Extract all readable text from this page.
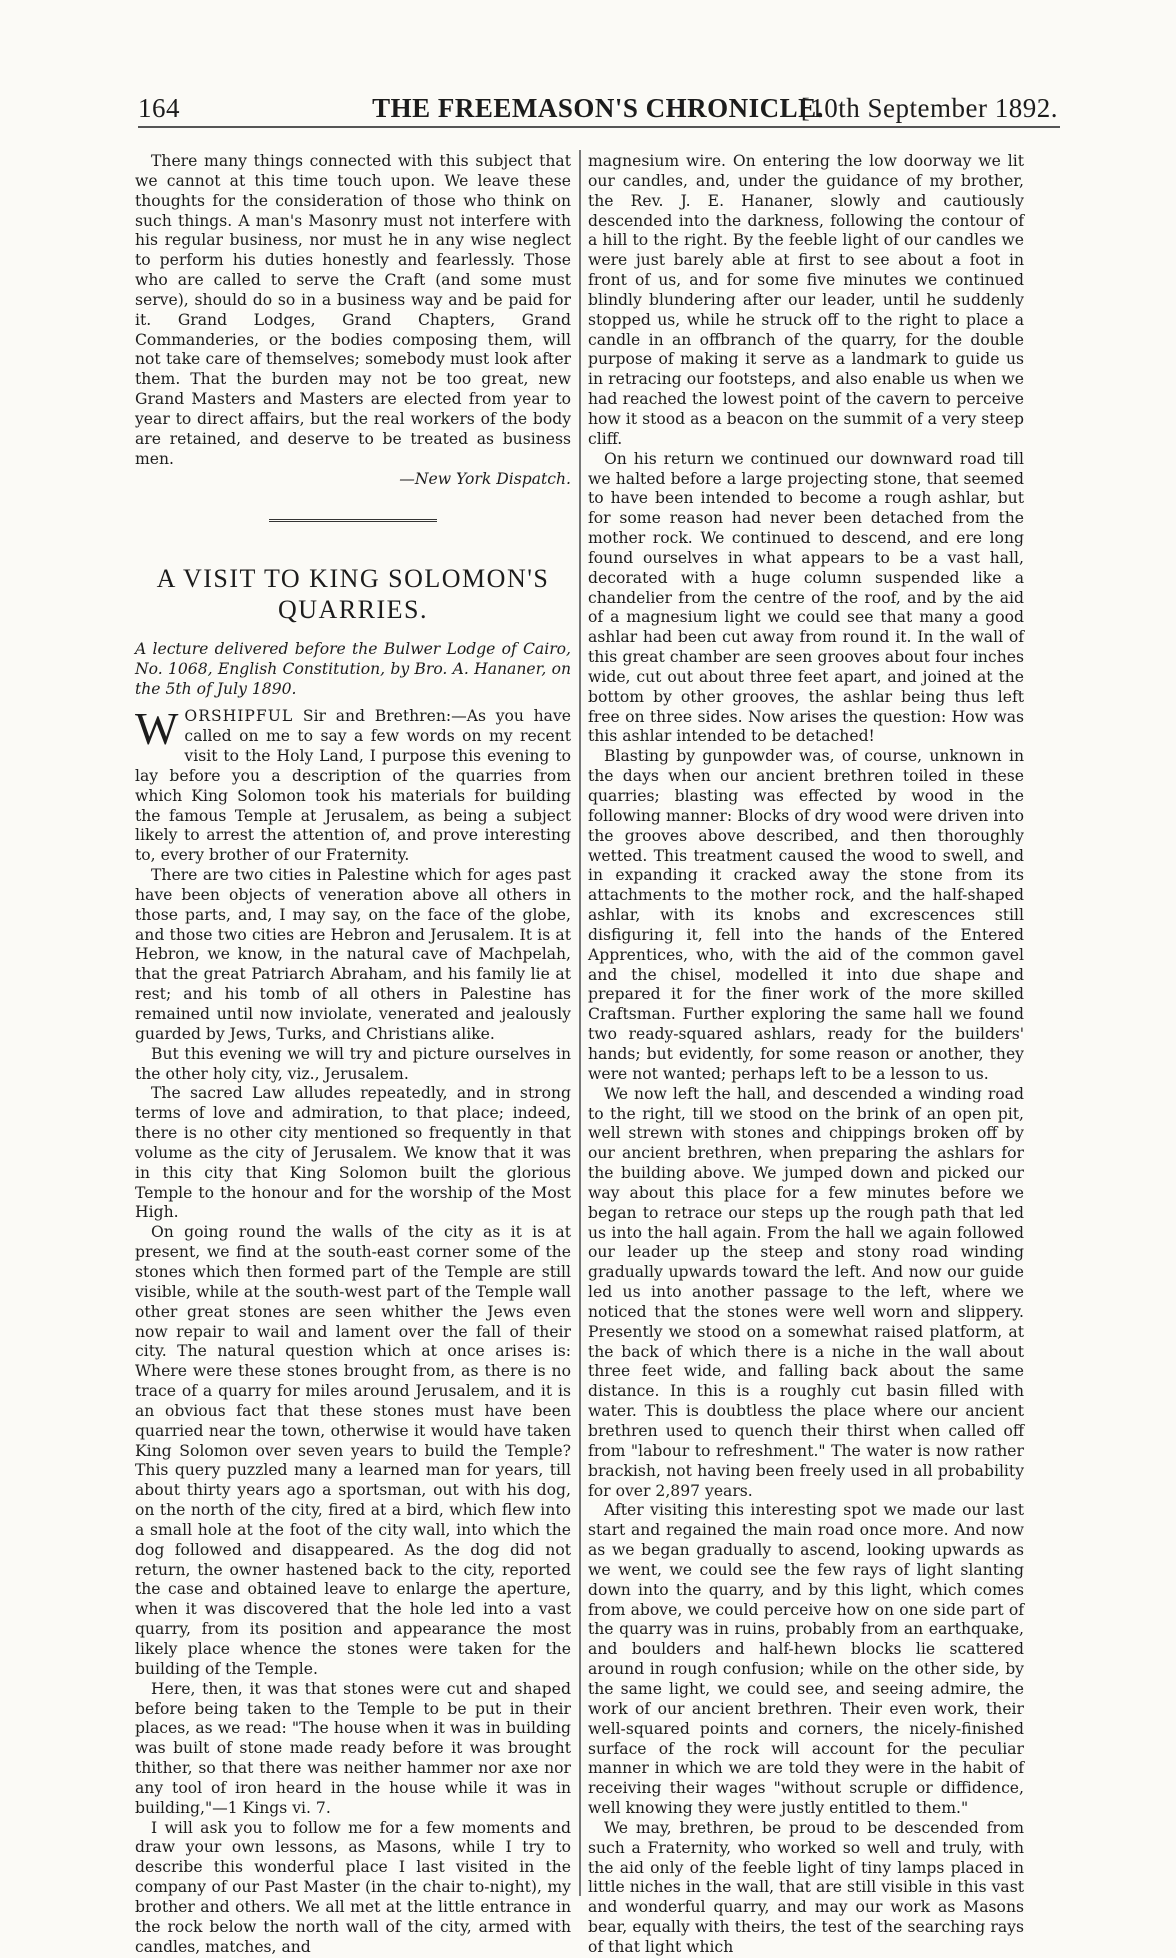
164	THE FREEMASON'S CHRONICLE.
[10th September 1892.

There many things connected with this subject that we cannot at this time touch upon. We leave these thoughts for the consideration of those who think on such things. A man's Masonry must not interfere with his regular business, nor must he in any wise neglect to perform his duties honestly and fearlessly. Those who are called to serve the Craft (and some must serve), should do so in a business way and be paid for it. Grand Lodges, Grand Chapters, Grand Commanderies, or the bodies composing them, will not take care of themselves; somebody must look after them. That the burden may not be too great, new Grand Masters and Masters are elected from year to year to direct affairs, but the real workers of the body are retained, and deserve to be treated as business men.

—New York Dispatch.

A VISIT TO KING SOLOMON'S QUARRIES.

A lecture delivered before the Bulwer Lodge of Cairo, No. 1068, English Constitution, by Bro. A. Hananer, on the 5th of July 1890.

WORSHIPFUL Sir and Brethren:—As you have called on me to say a few words on my recent visit to the Holy Land, I purpose this evening to lay before you a description of the quarries from which King Solomon took his materials for building the famous Temple at Jerusalem, as being a subject likely to arrest the attention of, and prove interesting to, every brother of our Fraternity.

There are two cities in Palestine which for ages past have been objects of veneration above all others in those parts, and, I may say, on the face of the globe, and those two cities are Hebron and Jerusalem. It is at Hebron, we know, in the natural cave of Machpelah, that the great Patriarch Abraham, and his family lie at rest; and his tomb of all others in Palestine has remained until now inviolate, venerated and jealously guarded by Jews, Turks, and Christians alike.

But this evening we will try and picture ourselves in the other holy city, viz., Jerusalem.

The sacred Law alludes repeatedly, and in strong terms of love and admiration, to that place; indeed, there is no other city mentioned so frequently in that volume as the city of Jerusalem. We know that it was in this city that King Solomon built the glorious Temple to the honour and for the worship of the Most High.

On going round the walls of the city as it is at present, we find at the south-east corner some of the stones which then formed part of the Temple are still visible, while at the south-west part of the Temple wall other great stones are seen whither the Jews even now repair to wail and lament over the fall of their city. The natural question which at once arises is: Where were these stones brought from, as there is no trace of a quarry for miles around Jerusalem, and it is an obvious fact that these stones must have been quarried near the town, otherwise it would have taken King Solomon over seven years to build the Temple? This query puzzled many a learned man for years, till about thirty years ago a sportsman, out with his dog, on the north of the city, fired at a bird, which flew into a small hole at the foot of the city wall, into which the dog followed and disappeared. As the dog did not return, the owner hastened back to the city, reported the case and obtained leave to enlarge the aperture, when it was discovered that the hole led into a vast quarry, from its position and appearance the most likely place whence the stones were taken for the building of the Temple.

Here, then, it was that stones were cut and shaped before being taken to the Temple to be put in their places, as we read: "The house when it was in building was built of stone made ready before it was brought thither, so that there was neither hammer nor axe nor any tool of iron heard in the house while it was in building,"—1 Kings vi. 7.

I will ask you to follow me for a few moments and draw your own lessons, as Masons, while I try to describe this wonderful place I last visited in the company of our Past Master (in the chair to-night), my brother and others. We all met at the little entrance in the rock below the north wall of the city, armed with candles, matches, and

magnesium wire. On entering the low doorway we lit our candles, and, under the guidance of my brother, the Rev. J. E. Hananer, slowly and cautiously descended into the darkness, following the contour of a hill to the right. By the feeble light of our candles we were just barely able at first to see about a foot in front of us, and for some five minutes we continued blindly blundering after our leader, until he suddenly stopped us, while he struck off to the right to place a candle in an offbranch of the quarry, for the double purpose of making it serve as a landmark to guide us in retracing our footsteps, and also enable us when we had reached the lowest point of the cavern to perceive how it stood as a beacon on the summit of a very steep cliff.

On his return we continued our downward road till we halted before a large projecting stone, that seemed to have been intended to become a rough ashlar, but for some reason had never been detached from the mother rock. We continued to descend, and ere long found ourselves in what appears to be a vast hall, decorated with a huge column suspended like a chandelier from the centre of the roof, and by the aid of a magnesium light we could see that many a good ashlar had been cut away from round it. In the wall of this great chamber are seen grooves about four inches wide, cut out about three feet apart, and joined at the bottom by other grooves, the ashlar being thus left free on three sides. Now arises the question: How was this ashlar intended to be detached!

Blasting by gunpowder was, of course, unknown in the days when our ancient brethren toiled in these quarries; blasting was effected by wood in the following manner: Blocks of dry wood were driven into the grooves above described, and then thoroughly wetted. This treatment caused the wood to swell, and in expanding it cracked away the stone from its attachments to the mother rock, and the half-shaped ashlar, with its knobs and excrescences still disfiguring it, fell into the hands of the Entered Apprentices, who, with the aid of the common gavel and the chisel, modelled it into due shape and prepared it for the finer work of the more skilled Craftsman. Further exploring the same hall we found two ready-squared ashlars, ready for the builders' hands; but evidently, for some reason or another, they were not wanted; perhaps left to be a lesson to us.

We now left the hall, and descended a winding road to the right, till we stood on the brink of an open pit, well strewn with stones and chippings broken off by our ancient brethren, when preparing the ashlars for the building above. We jumped down and picked our way about this place for a few minutes before we began to retrace our steps up the rough path that led us into the hall again. From the hall we again followed our leader up the steep and stony road winding gradually upwards toward the left. And now our guide led us into another passage to the left, where we noticed that the stones were well worn and slippery. Presently we stood on a somewhat raised platform, at the back of which there is a niche in the wall about three feet wide, and falling back about the same distance. In this is a roughly cut basin filled with water. This is doubtless the place where our ancient brethren used to quench their thirst when called off from "labour to refreshment." The water is now rather brackish, not having been freely used in all probability for over 2,897 years.

After visiting this interesting spot we made our last start and regained the main road once more. And now as we began gradually to ascend, looking upwards as we went, we could see the few rays of light slanting down into the quarry, and by this light, which comes from above, we could perceive how on one side part of the quarry was in ruins, probably from an earthquake, and boulders and half-hewn blocks lie scattered around in rough confusion; while on the other side, by the same light, we could see, and seeing admire, the work of our ancient brethren. Their even work, their well-squared points and corners, the nicely-finished surface of the rock will account for the peculiar manner in which we are told they were in the habit of receiving their wages "without scruple or diffidence, well knowing they were justly entitled to them."

We may, brethren, be proud to be descended from such a Fraternity, who worked so well and truly, with the aid only of the feeble light of tiny lamps placed in little niches in the wall, that are still visible in this vast and wonderful quarry, and may our work as Masons bear, equally with theirs, the test of the searching rays of that light which
